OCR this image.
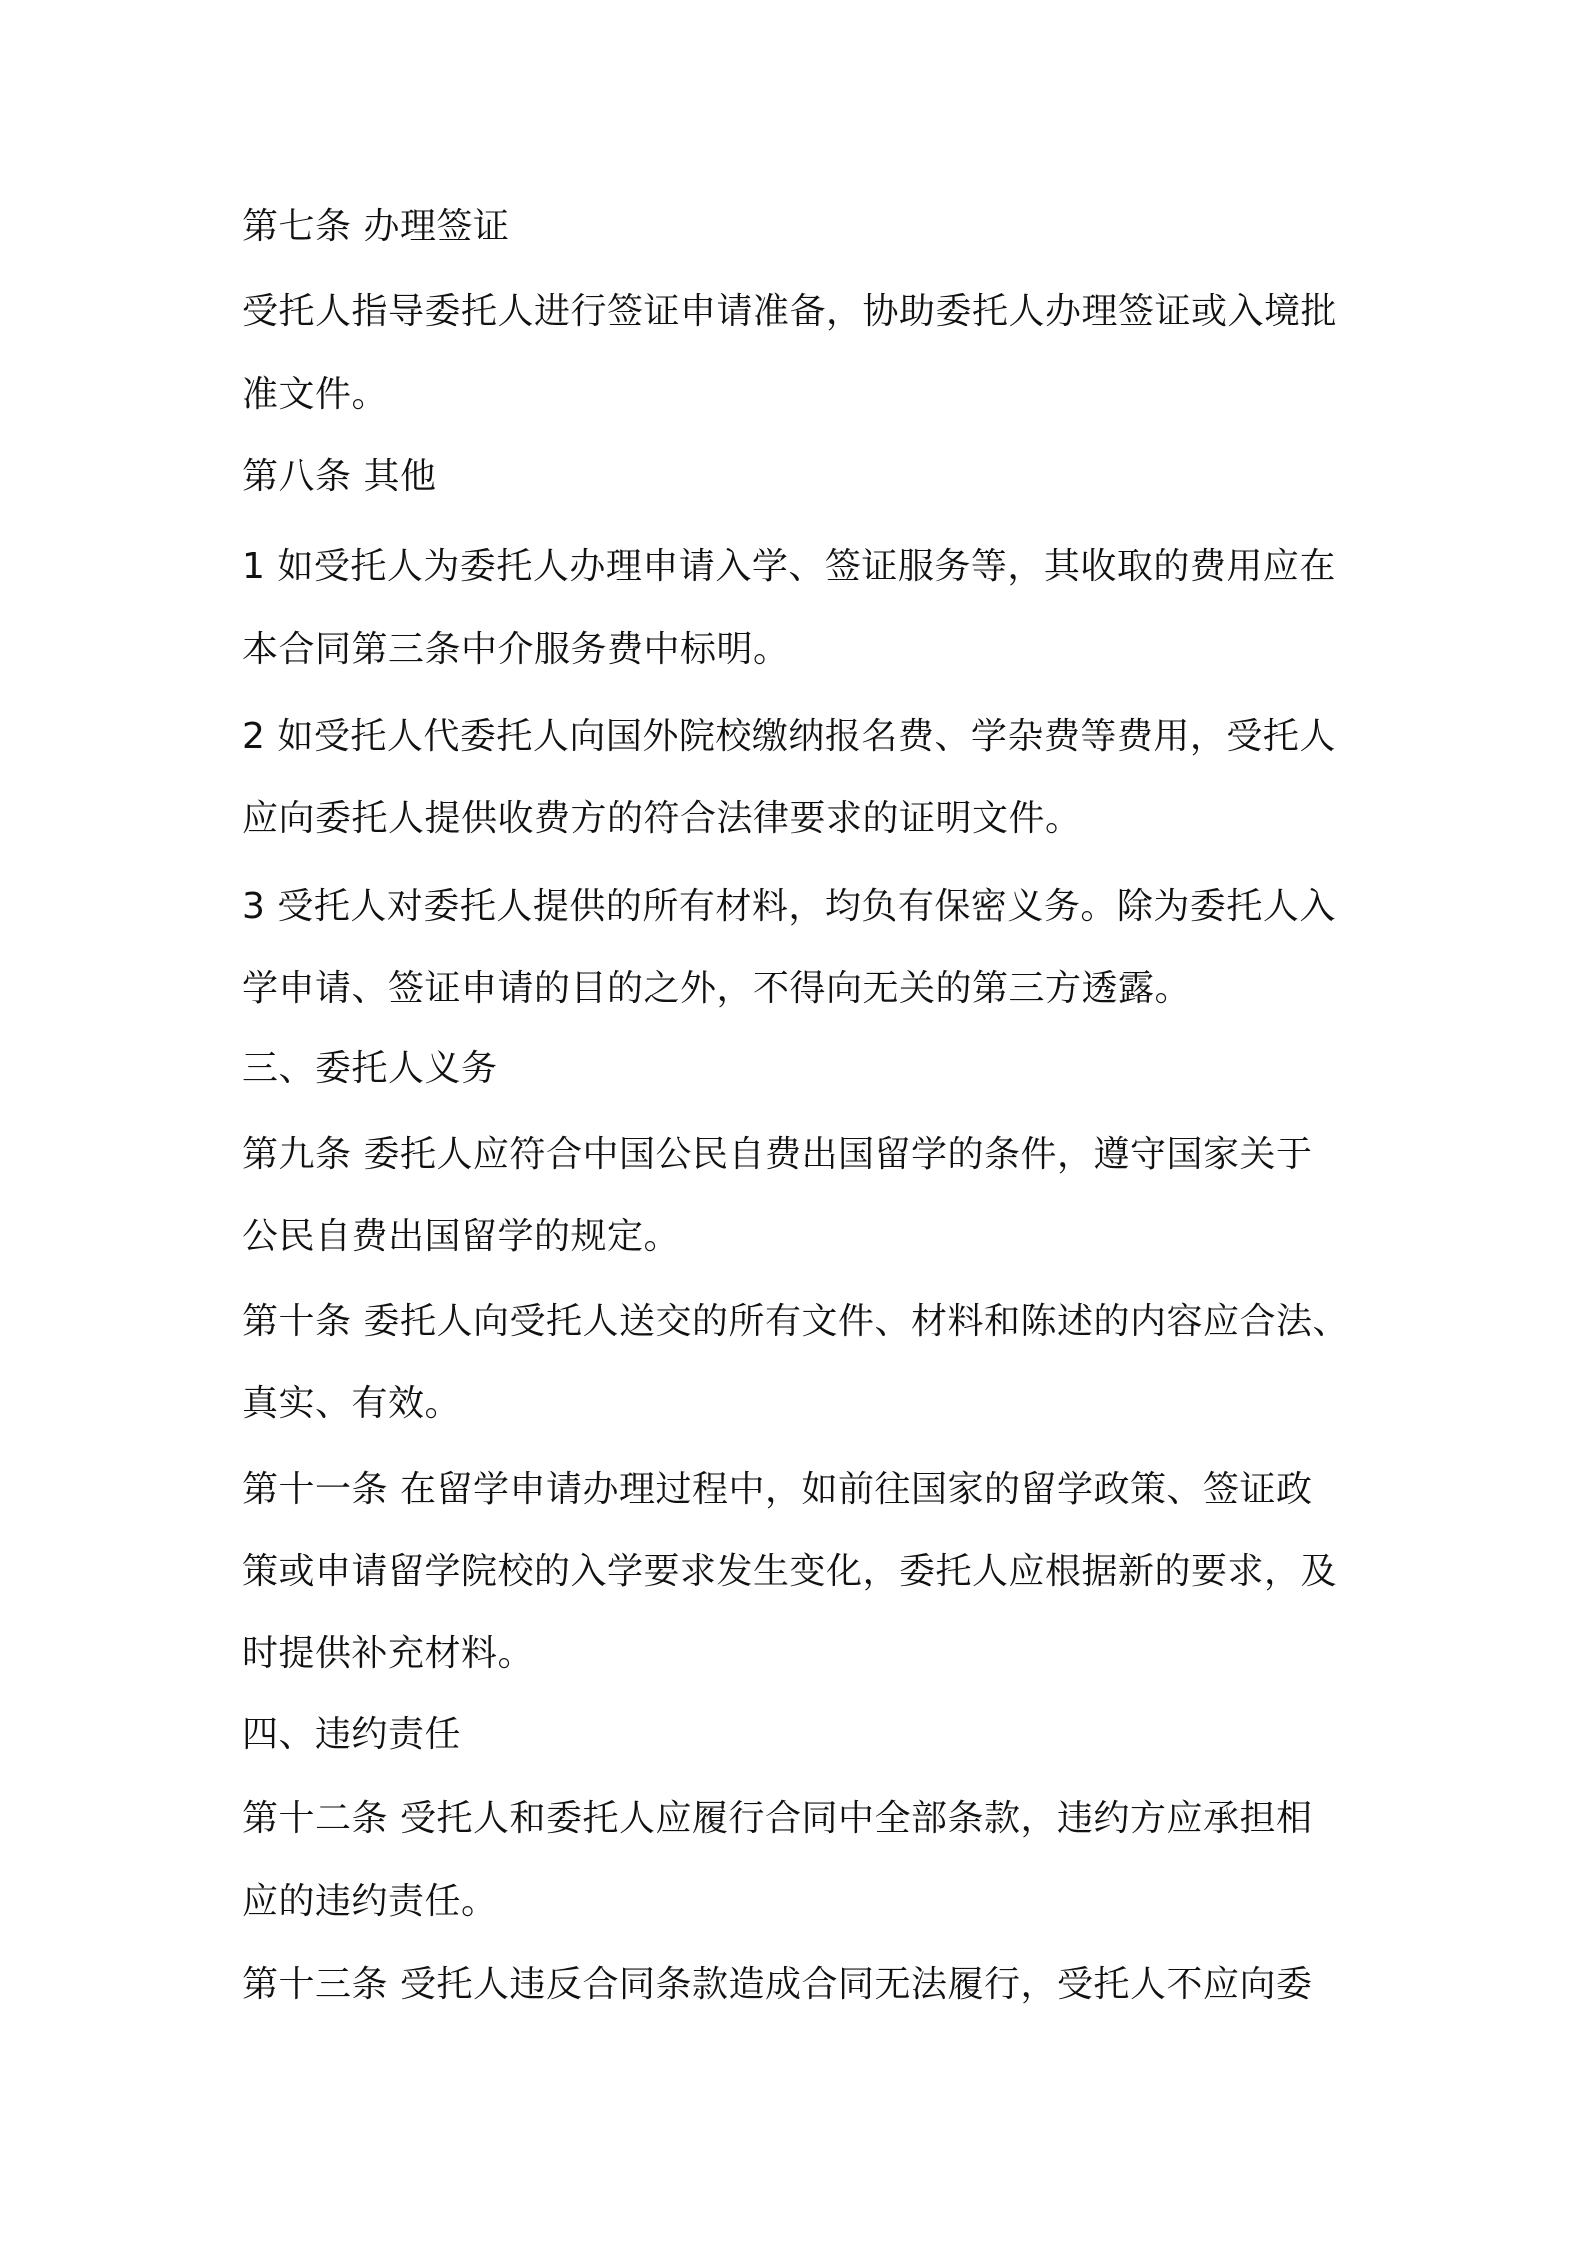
第七条 办理签证
受托人指导委托人进行签证申请准备，协助委托人办理签证或入境批
准文件。
第八条 其他
1 如受托人为委托人办理申请入学、签证服务等，其收取的费用应在
本合同第三条中介服务费中标明。
2 如受托人代委托人向国外院校缴纳报名费、学杂费等费用，受托人
应向委托人提供收费方的符合法律要求的证明文件。
3 受托人对委托人提供的所有材料，均负有保密义务。除为委托人入
学申请、签证申请的目的之外，不得向无关的第三方透露。
三、委托人义务
第九条 委托人应符合中国公民自费出国留学的条件，遵守国家关于
公民自费出国留学的规定。
第十条 委托人向受托人送交的所有文件、材料和陈述的内容应合法、
真实、有效。
第十一条 在留学申请办理过程中，如前往国家的留学政策、签证政
策或申请留学院校的入学要求发生变化，委托人应根据新的要求，及
时提供补充材料。
四、违约责任
第十二条 受托人和委托人应履行合同中全部条款，违约方应承担相
应的违约责任。
第十三条 受托人违反合同条款造成合同无法履行，受托人不应向委
